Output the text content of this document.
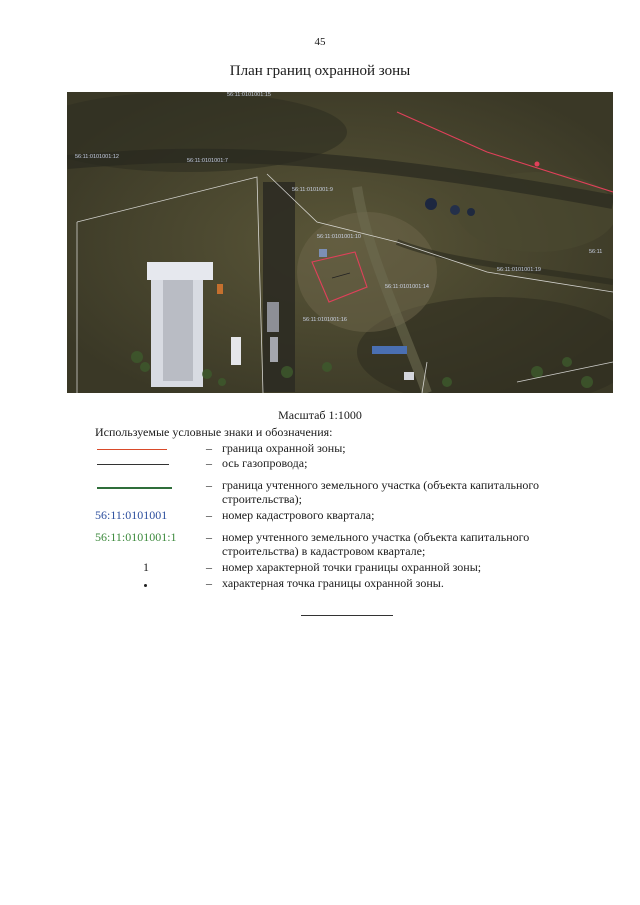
45
План границ охранной зоны
56:11:0101001:15
56:11:0101001:12
56:11:0101001:7
56:11:0101001:9
56:11:0101001:10
56:11:0101001:14
56:11:0101001:19
56:11:0101001:16
56:11
Масштаб 1:1000
Используемые условные знаки и обозначения:
– граница охранной зоны;
– ось газопровода;
– граница учтенного земельного участка (объекта капитального строительства);
56:11:0101001	– номер кадастрового квартала;
56:11:0101001:1	– номер учтенного земельного участка (объекта капитального строительства) в кадастровом квартале;
1	– номер характерной точки границы охранной зоны;
– характерная точка границы охранной зоны.
